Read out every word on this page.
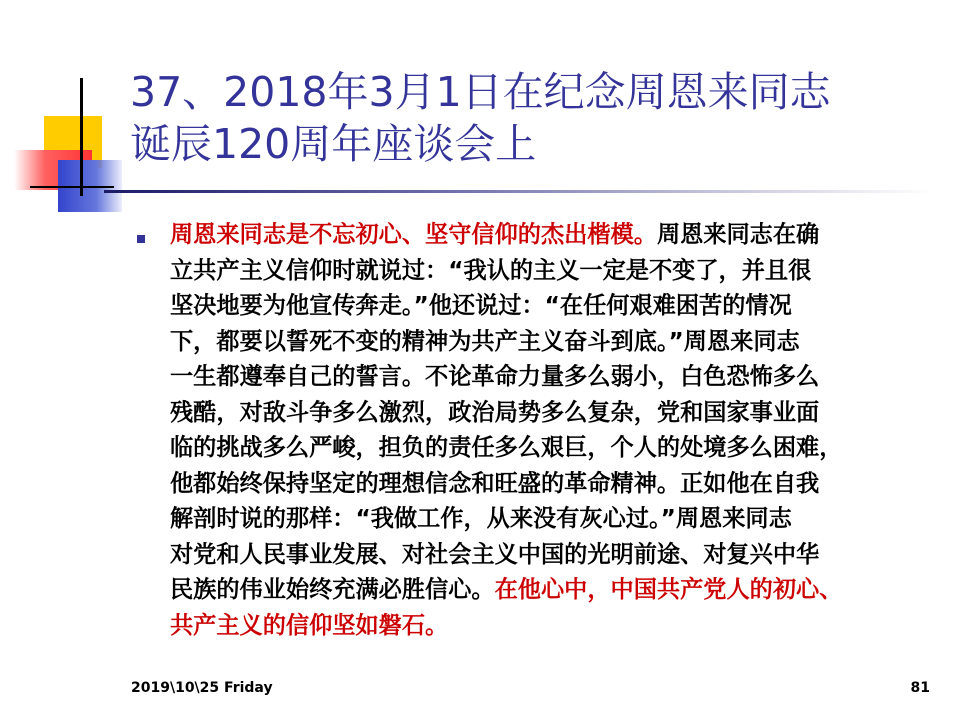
37、2018年3月1日在纪念周恩来同志
诞辰120周年座谈会上
周恩来同志是不忘初心、坚守信仰的杰出楷模。周恩来同志在确
立共产主义信仰时就说过：“我认的主义一定是不变了，并且很
坚决地要为他宣传奔走。”他还说过：“在任何艰难困苦的情况
下，都要以誓死不变的精神为共产主义奋斗到底。”周恩来同志
一生都遵奉自己的誓言。不论革命力量多么弱小，白色恐怖多么
残酷，对敌斗争多么激烈，政治局势多么复杂，党和国家事业面
临的挑战多么严峻，担负的责任多么艰巨，个人的处境多么困难，
他都始终保持坚定的理想信念和旺盛的革命精神。正如他在自我
解剖时说的那样：“我做工作，从来没有灰心过。”周恩来同志
对党和人民事业发展、对社会主义中国的光明前途、对复兴中华
民族的伟业始终充满必胜信心。在他心中，中国共产党人的初心、
共产主义的信仰坚如磐石。
2019\10\25 Friday	81
